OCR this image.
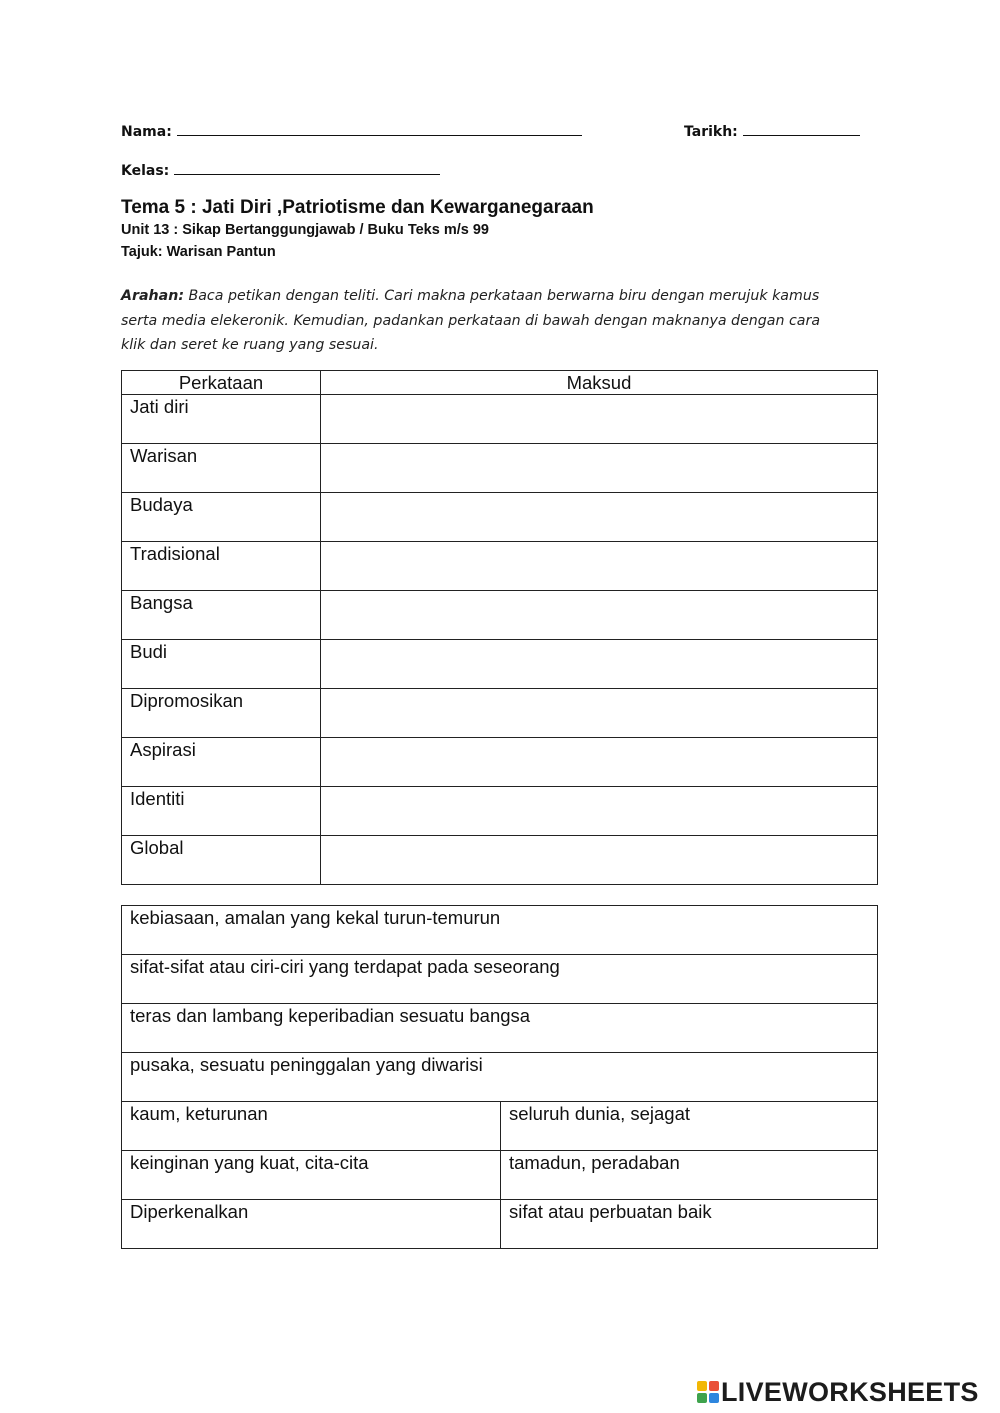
Nama:	Tarikh:
Kelas:
Tema 5 : Jati Diri ,Patriotisme dan Kewarganegaraan
Unit 13 : Sikap Bertanggungjawab / Buku Teks m/s 99
Tajuk: Warisan Pantun
Arahan: Baca petikan dengan teliti. Cari makna perkataan berwarna biru dengan merujuk kamus
serta media elekeronik. Kemudian, padankan perkataan di bawah dengan maknanya dengan cara
klik dan seret ke ruang yang sesuai.
Perkataan	Maksud
Jati diri	
Warisan	
Budaya	
Tradisional	
Bangsa	
Budi	
Dipromosikan	
Aspirasi	
Identiti	
Global	
kebiasaan, amalan yang kekal turun-temurun	
sifat-sifat atau ciri-ciri yang terdapat pada seseorang	
teras dan lambang keperibadian sesuatu bangsa	
pusaka, sesuatu peninggalan yang diwarisi	
kaum, keturunan	seluruh dunia, sejagat
keinginan yang kuat, cita-cita	tamadun, peradaban
Diperkenalkan	sifat atau perbuatan baik
LIVEWORKSHEETS
